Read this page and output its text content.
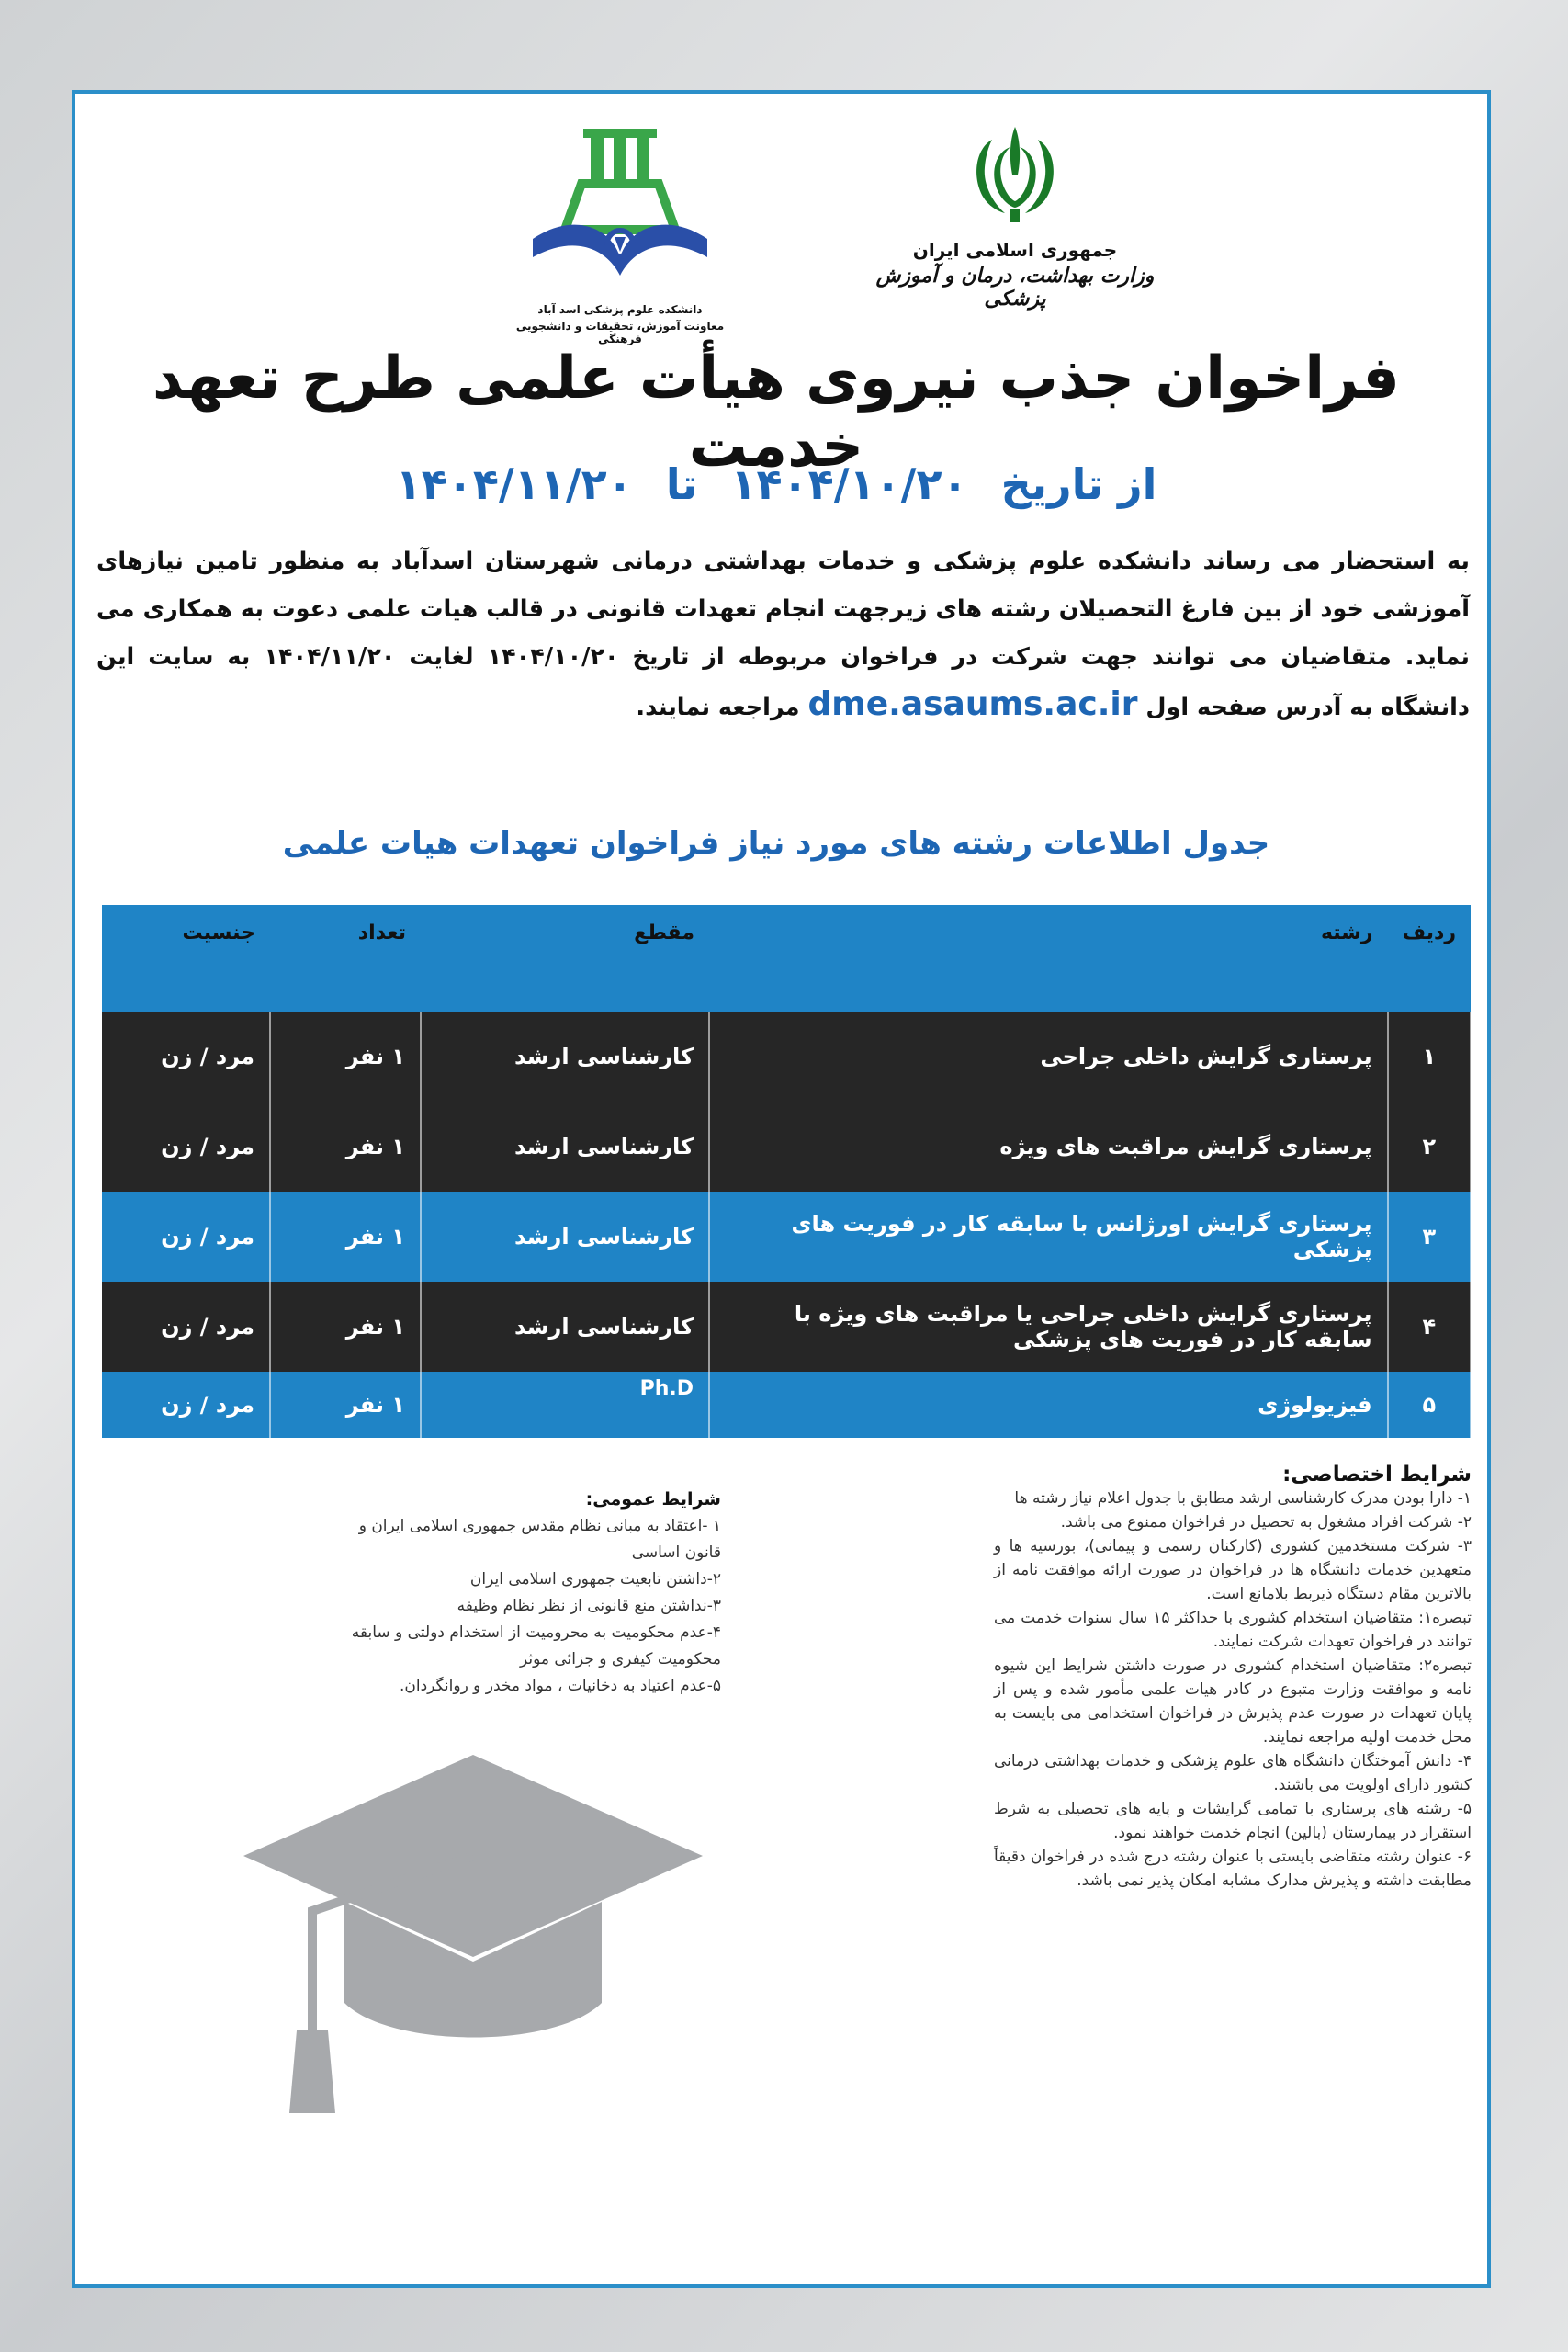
جمهوری اسلامی ایران
وزارت بهداشت، درمان و آموزش پزشکی
دانشکده علوم پزشکی اسد آباد
معاونت آموزش، تحقیقات و دانشجویی فرهنگی
فراخوان جذب نیروی هیأت علمی طرح تعهد خدمت
از تاریخ ۱۴۰۴/۱۰/۲۰ تا ۱۴۰۴/۱۱/۲۰
به استحضار می رساند دانشکده علوم پزشکی و خدمات بهداشتی درمانی شهرستان اسدآباد به منظور تامین نیازهای آموزشی خود از بین فارغ التحصیلان رشته های زیرجهت انجام تعهدات قانونی در قالب هیات علمی دعوت به همکاری می نماید. متقاضیان می توانند جهت شرکت در فراخوان مربوطه از تاریخ ۱۴۰۴/۱۰/۲۰ لغایت ۱۴۰۴/۱۱/۲۰ به سایت این دانشگاه به آدرس صفحه اول dme.asaums.ac.ir مراجعه نمایند.
جدول اطلاعات رشته های مورد نیاز فراخوان تعهدات هیات علمی
ردیف	رشته	مقطع	تعداد	جنسیت
۱	پرستاری گرایش داخلی جراحی	کارشناسی ارشد	۱ نفر	مرد / زن
۲	پرستاری گرایش مراقبت های ویژه	کارشناسی ارشد	۱ نفر	مرد / زن
۳	پرستاری گرایش اورژانس با سابقه کار در فوریت های پزشکی	کارشناسی ارشد	۱ نفر	مرد / زن
۴	پرستاری گرایش داخلی جراحی یا مراقبت های ویژه با سابقه کار در فوریت های پزشکی	کارشناسی ارشد	۱ نفر	مرد / زن
۵	فیزیولوژی	Ph.D	۱ نفر	مرد / زن
شرایط اختصاصی:
۱- دارا بودن مدرک کارشناسی ارشد مطابق با جدول اعلام نیاز رشته ها
۲- شرکت افراد مشغول به تحصیل در فراخوان ممنوع می باشد.
۳- شرکت مستخدمین کشوری (کارکنان رسمی و پیمانی)، بورسیه ها و متعهدین خدمات دانشگاه ها در فراخوان در صورت ارائه موافقت نامه از بالاترین مقام دستگاه ذیربط بلامانع است.
تبصره۱: متقاضیان استخدام کشوری با حداکثر ۱۵ سال سنوات خدمت می توانند در فراخوان تعهدات شرکت نمایند.
تبصره۲: متقاضیان استخدام کشوری در صورت داشتن شرایط این شیوه نامه و موافقت وزارت متبوع در کادر هیات علمی مأمور شده و پس از پایان تعهدات در صورت عدم پذیرش در فراخوان استخدامی می بایست به محل خدمت اولیه مراجعه نمایند.
۴- دانش آموختگان دانشگاه های علوم پزشکی و خدمات بهداشتی درمانی کشور دارای اولویت می باشند.
۵- رشته های پرستاری با تمامی گرایشات و پایه های تحصیلی به شرط استقرار در بیمارستان (بالین) انجام خدمت خواهند نمود.
۶- عنوان رشته متقاضی بایستی با عنوان رشته درج شده در فراخوان دقیقاً مطابقت داشته و پذیرش مدارک مشابه امکان پذیر نمی باشد.
شرایط عمومی:
۱ -اعتقاد به مبانی نظام مقدس جمهوری اسلامی ایران و قانون اساسی
۲-داشتن تابعیت جمهوری اسلامی ایران
۳-نداشتن منع قانونی از نظر نظام وظیفه
۴-عدم محکومیت به محرومیت از استخدام دولتی و سابقه محکومیت کیفری و جزائی موثر
۵-عدم اعتیاد به دخانیات ، مواد مخدر و روانگردان.
